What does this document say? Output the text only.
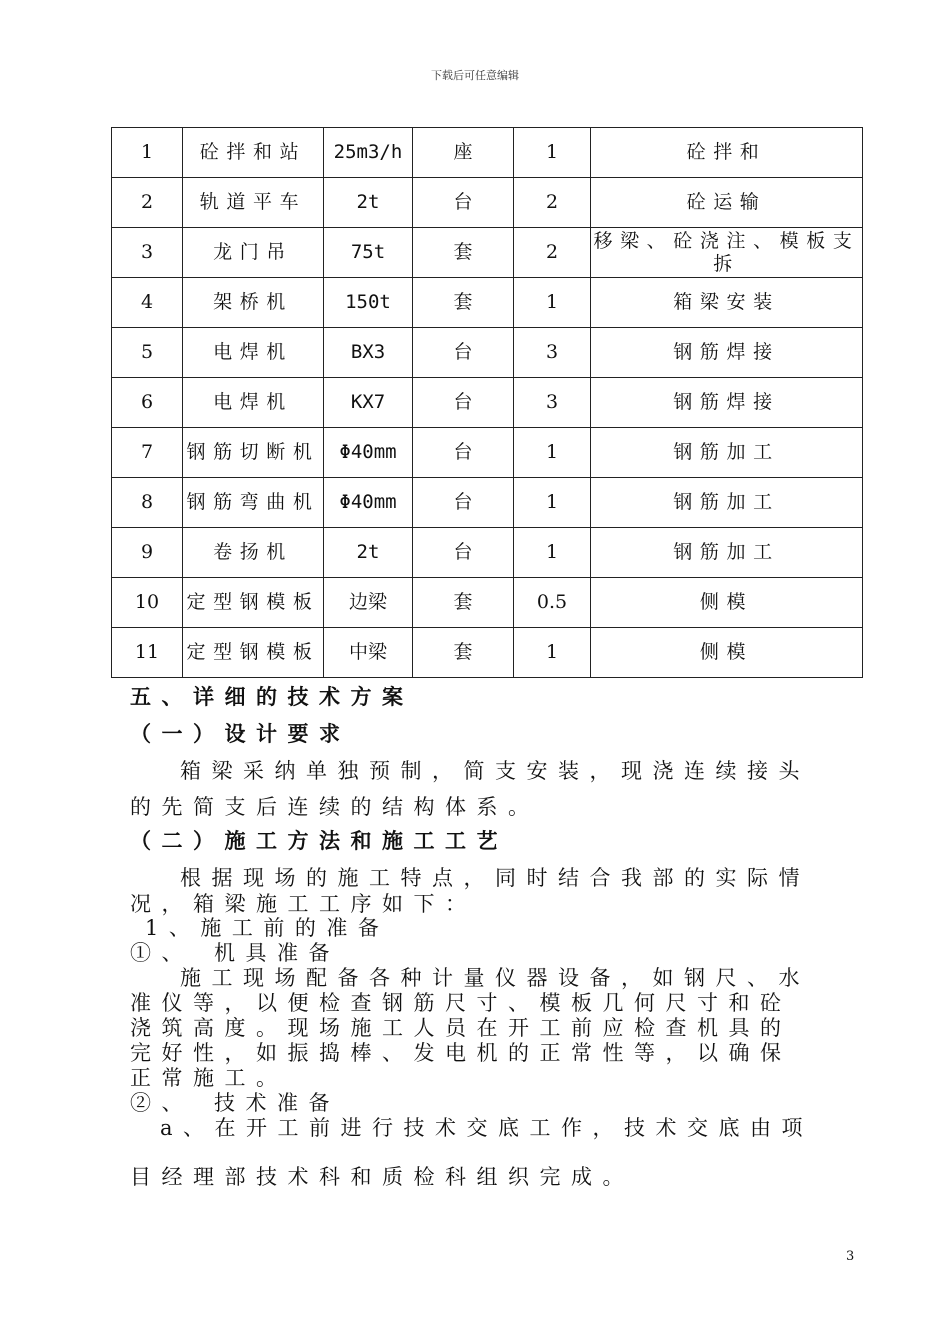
下载后可任意编辑
1	砼拌和站	25m3/h	座	1	砼拌和
2	轨道平车	2t	台	2	砼运输
3	龙门吊	75t	套	2	移梁、砼浇注、模板支拆
4	架桥机	150t	套	1	箱梁安装
5	电焊机	BX3	台	3	钢筋焊接
6	电焊机	KX7	台	3	钢筋焊接
7	钢筋切断机	Φ40mm	台	1	钢筋加工
8	钢筋弯曲机	Φ40mm	台	1	钢筋加工
9	卷扬机	2t	台	1	钢筋加工
10	定型钢模板	边梁	套	0.5	侧模
11	定型钢模板	中梁	套	1	侧模
五、详细的技术方案
（一）设计要求
箱梁采纳单独预制，简支安装，现浇连续接头
的先简支后连续的结构体系。
（二）施工方法和施工工艺
根据现场的施工特点，同时结合我部的实际情
况，箱梁施工工序如下：
1、施工前的准备
①、　机具准备
施工现场配备各种计量仪器设备，如钢尺、水
准仪等，以便检查钢筋尺寸、模板几何尺寸和砼
浇筑高度。现场施工人员在开工前应检查机具的
完好性，如振捣棒、发电机的正常性等，以确保
正常施工。
②、　技术准备
a、在开工前进行技术交底工作，技术交底由项
目经理部技术科和质检科组织完成。
3
